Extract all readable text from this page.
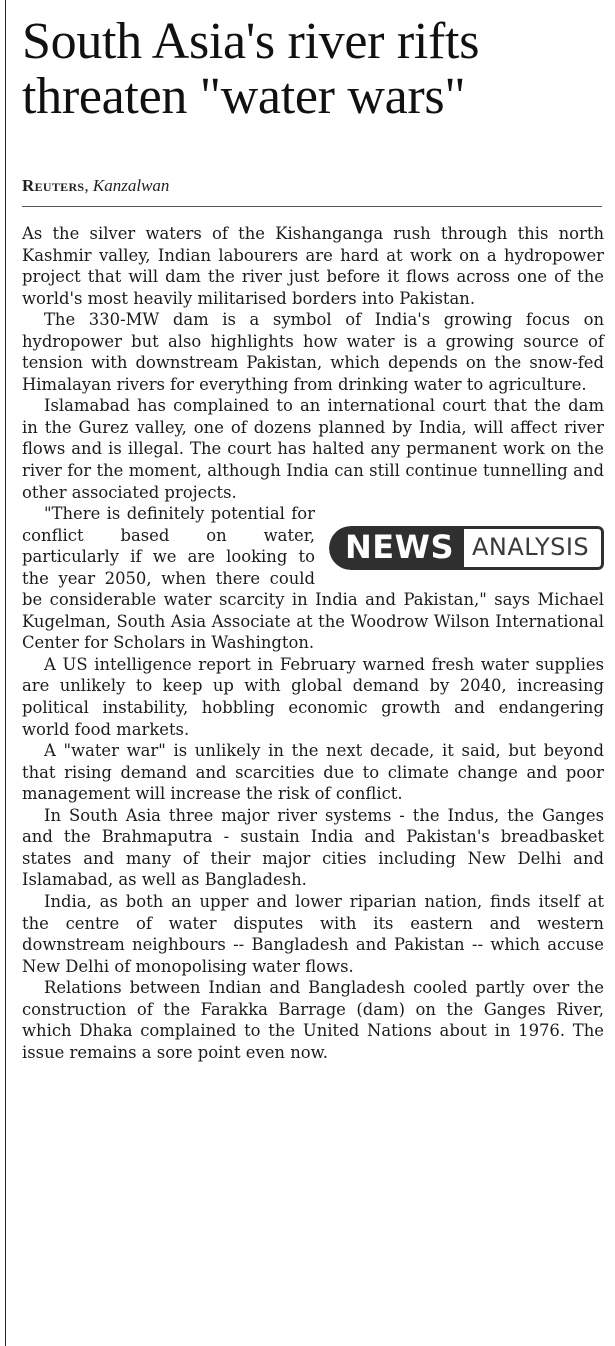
South Asia's river rifts threaten "water wars"

Reuters, Kanzalwan

As the silver waters of the Kishanganga rush through this north Kashmir valley, Indian labourers are hard at work on a hydropower project that will dam the river just before it flows across one of the world's most heavily militarised borders into Pakistan.

The 330-MW dam is a symbol of India's growing focus on hydropower but also highlights how water is a growing source of tension with downstream Pakistan, which depends on the snow-fed Himalayan rivers for everything from drinking water to agriculture.

Islamabad has complained to an international court that the dam in the Gurez valley, one of dozens planned by India, will affect river flows and is illegal. The court has halted any permanent work on the river for the moment, although India can still continue tunnelling and other associated projects.

NEWS ANALYSIS

"There is definitely potential for conflict based on water, particularly if we are looking to the year 2050, when there could be considerable water scarcity in India and Pakistan," says Michael Kugelman, South Asia Associate at the Woodrow Wilson International Center for Scholars in Washington.

A US intelligence report in February warned fresh water supplies are unlikely to keep up with global demand by 2040, increasing political instability, hobbling economic growth and endangering world food markets.

A "water war" is unlikely in the next decade, it said, but beyond that rising demand and scarcities due to climate change and poor management will increase the risk of conflict.

In South Asia three major river systems - the Indus, the Ganges and the Brahmaputra - sustain India and Pakistan's breadbasket states and many of their major cities including New Delhi and Islamabad, as well as Bangladesh.

India, as both an upper and lower riparian nation, finds itself at the centre of water disputes with its eastern and western downstream neighbours -- Bangladesh and Pakistan -- which accuse New Delhi of monopolising water flows.

Relations between Indian and Bangladesh cooled partly over the construction of the Farakka Barrage (dam) on the Ganges River, which Dhaka complained to the United Nations about in 1976. The issue remains a sore point even now.
